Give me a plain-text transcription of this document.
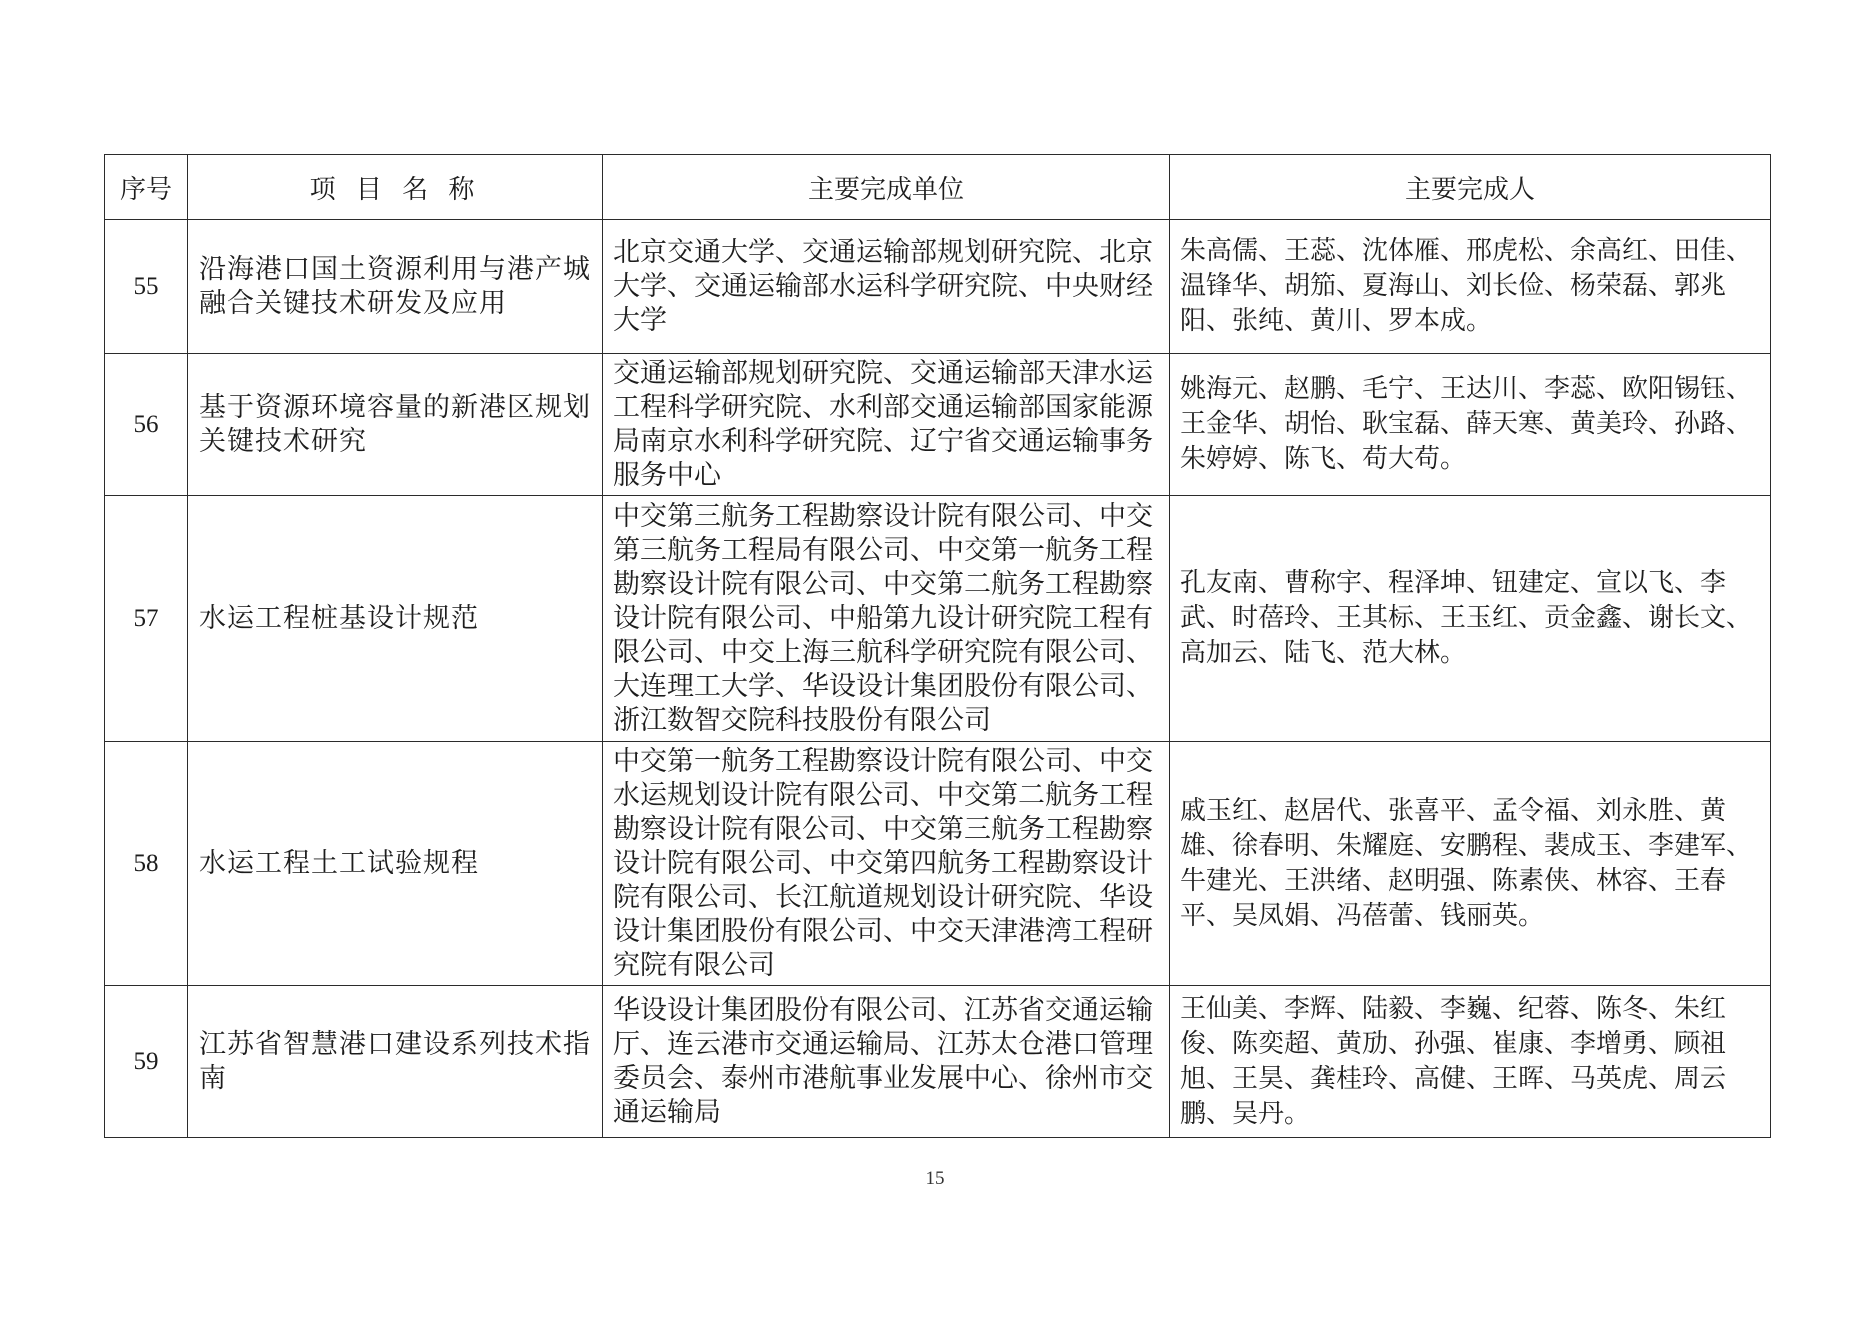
序号	项 目 名 称	主要完成单位	主要完成人
55	沿海港口国土资源利用与港产城融合关键技术研发及应用	北京交通大学、交通运输部规划研究院、北京大学、交通运输部水运科学研究院、中央财经大学	朱高儒、王蕊、沈体雁、邢虎松、余高红、田佳、温锋华、胡笳、夏海山、刘长俭、杨荣磊、郭兆阳、张纯、黄川、罗本成。
56	基于资源环境容量的新港区规划关键技术研究	交通运输部规划研究院、交通运输部天津水运工程科学研究院、水利部交通运输部国家能源局南京水利科学研究院、辽宁省交通运输事务服务中心	姚海元、赵鹏、毛宁、王达川、李蕊、欧阳锡钰、王金华、胡怡、耿宝磊、薛天寒、黄美玲、孙路、朱婷婷、陈飞、苟大苟。
57	水运工程桩基设计规范	中交第三航务工程勘察设计院有限公司、中交第三航务工程局有限公司、中交第一航务工程勘察设计院有限公司、中交第二航务工程勘察设计院有限公司、中船第九设计研究院工程有限公司、中交上海三航科学研究院有限公司、大连理工大学、华设设计集团股份有限公司、浙江数智交院科技股份有限公司	孔友南、曹称宇、程泽坤、钮建定、宣以飞、李武、时蓓玲、王其标、王玉红、贡金鑫、谢长文、高加云、陆飞、范大林。
58	水运工程土工试验规程	中交第一航务工程勘察设计院有限公司、中交水运规划设计院有限公司、中交第二航务工程勘察设计院有限公司、中交第三航务工程勘察设计院有限公司、中交第四航务工程勘察设计院有限公司、长江航道规划设计研究院、华设设计集团股份有限公司、中交天津港湾工程研究院有限公司	戚玉红、赵居代、张喜平、孟令福、刘永胜、黄雄、徐春明、朱耀庭、安鹏程、裴成玉、李建军、牛建光、王洪绪、赵明强、陈素侠、林容、王春平、吴凤娟、冯蓓蕾、钱丽英。
59	江苏省智慧港口建设系列技术指南	华设设计集团股份有限公司、江苏省交通运输厅、连云港市交通运输局、江苏太仓港口管理委员会、泰州市港航事业发展中心、徐州市交通运输局	王仙美、李辉、陆毅、李巍、纪蓉、陈冬、朱红俊、陈奕超、黄劢、孙强、崔康、李增勇、顾祖旭、王昊、龚桂玲、高健、王晖、马英虎、周云鹏、吴丹。
15
